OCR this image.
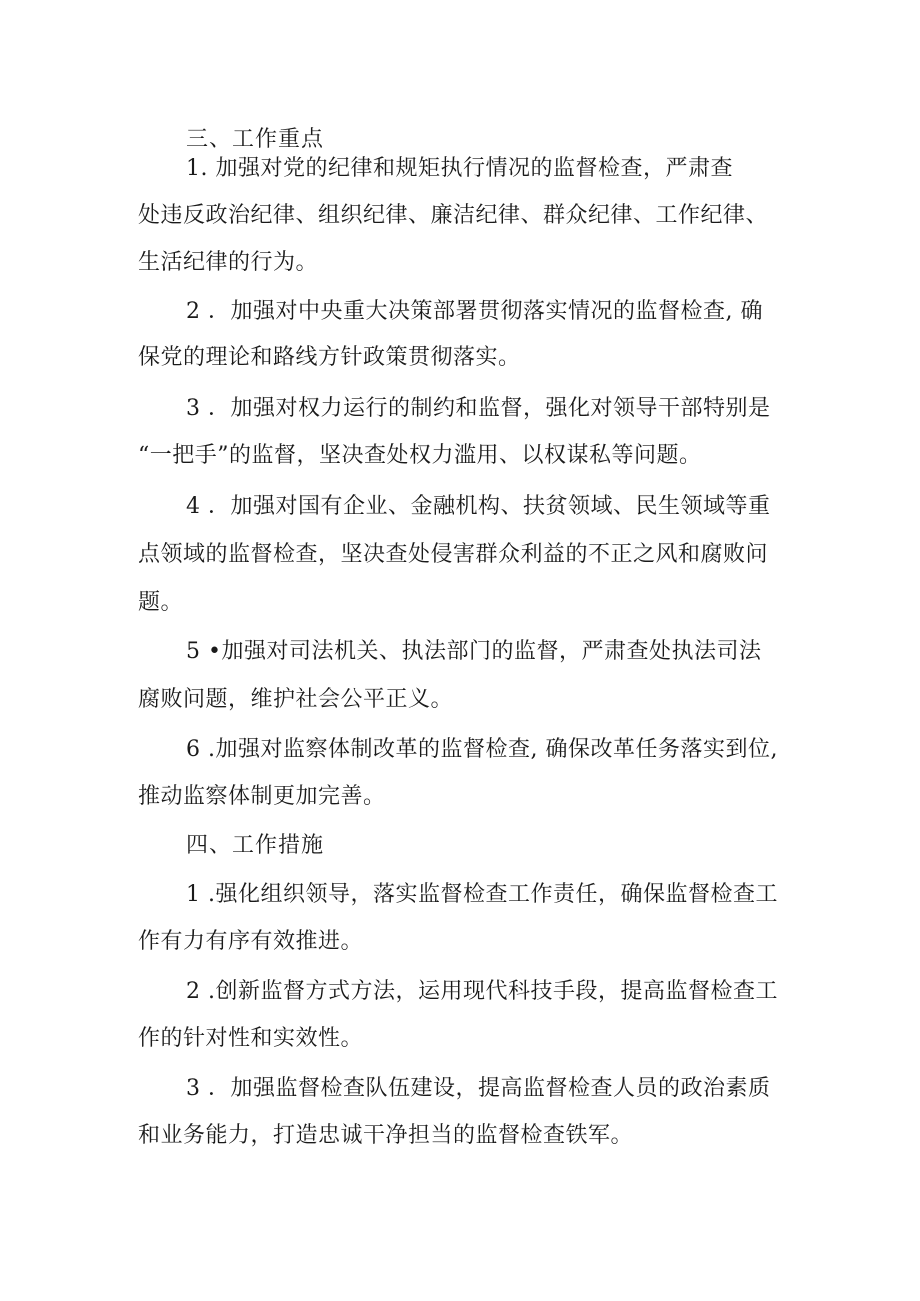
三、工作重点
1. 加强对党的纪律和规矩执行情况的监督检查，严肃查
处违反政治纪律、组织纪律、廉洁纪律、群众纪律、工作纪律、
生活纪律的行为。
2 ．加强对中央重大决策部署贯彻落实情况的监督检查, 确
保党的理论和路线方针政策贯彻落实。
3 ．加强对权力运行的制约和监督，强化对领导干部特别是
“一把手”的监督，坚决查处权力滥用、以权谋私等问题。
4 ．加强对国有企业、金融机构、扶贫领域、民生领域等重
点领域的监督检查，坚决查处侵害群众利益的不正之风和腐败问
题。
5 •加强对司法机关、执法部门的监督，严肃查处执法司法
腐败问题，维护社会公平正义。
6 .加强对监察体制改革的监督检查, 确保改革任务落实到位,
推动监察体制更加完善。
四、工作措施
1 .强化组织领导，落实监督检查工作责任，确保监督检查工
作有力有序有效推进。
2 .创新监督方式方法，运用现代科技手段，提高监督检查工
作的针对性和实效性。
3 ．加强监督检查队伍建设，提高监督检查人员的政治素质
和业务能力，打造忠诚干净担当的监督检查铁军。
